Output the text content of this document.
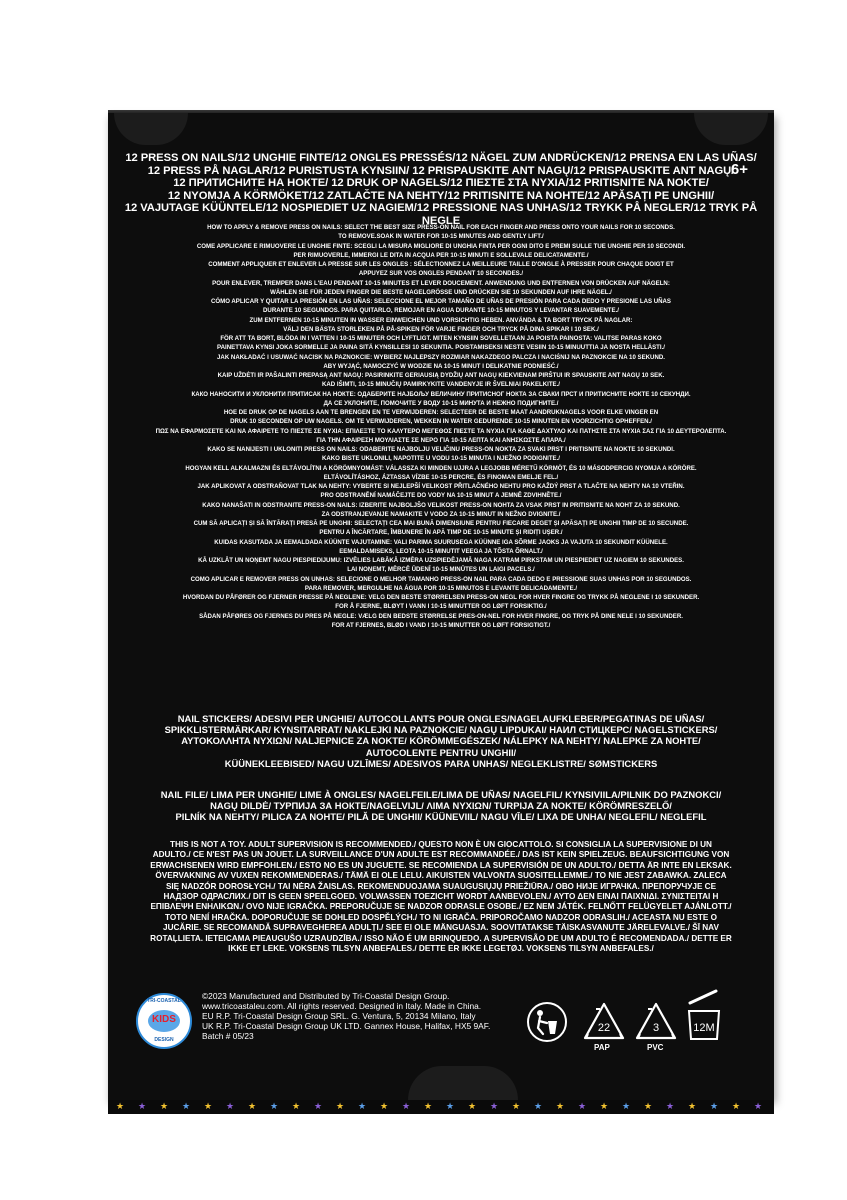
12 PRESS ON NAILS/12 UNGHIE FINTE/12 ONGLES PRESSÉS/12 NÄGEL ZUM ANDRÜCKEN/12 PRENSA EN LAS UÑAS/
12 PRESS PÅ NAGLAR/12 PURISTUSTA KYNSIIN/ 12 PRISPAUSKITE ANT NAGŲ/12 PRISPAUSKITE ANT NAGŲ/
12 ПРИТИСНИТЕ НА НОКТЕ/ 12 DRUK OP NAGELS/12 ΠΙΕΣΤΕ ΣΤΑ ΝΥΧΙΑ/12 PRITISNITE NA NOKTE/
12 NYOMJA A KÖRMÖKET/12 ZATLAČTE NA NEHTY/12 PRITISNITE NA NOHTE/12 APĂSAȚI PE UNGHII/
12 VAJUTAGE KÜÜNTELE/12 NOSPIEDIET UZ NAGIEM/12 PRESSIONE NAS UNHAS/12 TRYKK PÅ NEGLER/12 TRYK PÅ NEGLE
6+

HOW TO APPLY & REMOVE PRESS ON NAILS: SELECT THE BEST SIZE PRESS-ON NAIL FOR EACH FINGER AND PRESS ONTO YOUR NAILS FOR 10 SECONDS.

TO REMOVE.SOAK IN WATER FOR 10-15 MINUTES AND GENTLY LIFT./

COME APPLICARE E RIMUOVERE LE UNGHIE FINTE: SCEGLI LA MISURA MIGLIORE DI UNGHIA FINTA PER OGNI DITO E PREMI SULLE TUE UNGHIE PER 10 SECONDI.

PER RIMUOVERLE, IMMERGI LE DITA IN ACQUA PER 10-15 MINUTI E SOLLEVALE DELICATAMENTE./

COMMENT APPLIQUER ET ENLEVER LA PRESSE SUR LES ONGLES : SÉLECTIONNEZ LA MEILLEURE TAILLE D'ONGLE À PRESSER POUR CHAQUE DOIGT ET

APPUYEZ SUR VOS ONGLES PENDANT 10 SECONDES./

POUR ENLEVER, TREMPER DANS L'EAU PENDANT 10-15 MINUTES ET LEVER DOUCEMENT. ANWENDUNG UND ENTFERNEN VON DRÜCKEN AUF NÄGELN:

WÄHLEN SIE FÜR JEDEN FINGER DIE BESTE NAGELGRÖSSE UND DRÜCKEN SIE 10 SEKUNDEN AUF IHRE NÄGEL./

CÓMO APLICAR Y QUITAR LA PRESIÓN EN LAS UÑAS: SELECCIONE EL MEJOR TAMAÑO DE UÑAS DE PRESIÓN PARA CADA DEDO Y PRESIONE LAS UÑAS

DURANTE 10 SEGUNDOS. PARA QUITARLO, REMOJAR EN AGUA DURANTE 10-15 MINUTOS Y LEVANTAR SUAVEMENTE./

ZUM ENTFERNEN 10-15 MINUTEN IN WASSER EINWEICHEN UND VORSICHTIG HEBEN. ANVÄNDA & TA BORT TRYCK PÅ NAGLAR:

VÄLJ DEN BÄSTA STORLEKEN PÅ PÅ-SPIKEN FÖR VARJE FINGER OCH TRYCK PÅ DINA SPIKAR I 10 SEK./

FÖR ATT TA BORT, BLÖDA IN I VATTEN I 10-15 MINUTER OCH LYFTLIGT. MITEN KYNSIIN SOVELLETAAN JA POISTA PAINOSTA: VALITSE PARAS KOKO

PAINETTAVA KYNSI JOKA SORMELLE JA PAINA SITÄ KYNSILLESI 10 SEKUNTIA. POISTAMISEKSI NESTE VESIIN 10-15 MINUUTTIA JA NOSTA HELLÄSTI./

JAK NAKŁADAĆ I USUWAĆ NACISK NA PAZNOKCIE: WYBIERZ NAJLEPSZY ROZMIAR NAKAZDEGO PALCZA I NACIŚNIJ NA PAZNOKCIE NA 10 SEKUND.

ABY WYJĄĆ, NAMOCZYĆ W WODZIE NA 10-15 MINUT I DELIKATNIE PODNIEŚĆ./

KAIP UŽDĖTI IR PAŠALINTI PREPASĄ ANT NAGŲ: PASIRINKITE GERIAUSIĄ DYDŽIŲ ANT NAGŲ KIEKVIENAM PIRŠTUI IR SPAUSKITE ANT NAGŲ 10 SEK.

KAD IŠIMTI, 10-15 MINUČIŲ PAMIRKYKITE VANDENYJE IR ŠVELNIAI PAKELKITE./

КАКО НАНОСИТИ И УКЛОНИТИ ПРИТИСАК НА НОКТЕ: ОДАБЕРИТЕ НАЈБОЉУ ВЕЛИЧИНУ ПРИТИСНОГ НОКТА ЗА СВАКИ ПРСТ И ПРИТИСНИТЕ НОКТЕ 10 СЕКУНДИ.

ДА СЕ УКЛОНИТЕ, ПОМОЧИТЕ У ВОДУ 10-15 МИНУТА И НЕЖНО ПОДИГНИТЕ./

HOE DE DRUK OP DE NAGELS AAN TE BRENGEN EN TE VERWIJDEREN: SELECTEER DE BESTE MAAT AANDRUKNAGELS VOOR ELKE VINGER EN

DRUK 10 SECONDEN OP UW NAGELS. OM TE VERWIJDEREN, WEKKEN IN WATER GEDURENDE 10-15 MINUTEN EN VOORZICHTIG OPHEFFEN./

ΠΩΣ ΝΑ ΕΦΑΡΜΟΣΕΤΕ ΚΑΙ ΝΑ ΑΦΑΙΡΕΤΕ ΤΟ ΠΙΕΣΤΕ ΣΕ ΝΥΧΙΑ: ΕΠΙΛΕΞΤΕ ΤΟ ΚΑΛΥΤΕΡΟ ΜΕΓΕΘΟΣ ΠΙΕΣΤΕ ΤΑ ΝΥΧΙΑ ΓΙΑ ΚΑΘΕ ΔΑΧΤΥΛΟ ΚΑΙ ΠΑΤΗΣΤΕ ΣΤΑ ΝΥΧΙΑ ΣΑΣ ΓΙΑ 10 ΔΕΥΤΕΡΟΛΕΠΤΑ.

ΓΙΑ ΤΗΝ ΑΦΑΙΡΕΣΗ ΜΟΥΛΙΑΣΤΕ ΣΕ ΝΕΡΟ ΓΙΑ 10-15 ΛΕΠΤΑ ΚΑΙ ΑΝΗΣΚΩΣΤΕ ΑΠΑΡΑ./

KAKO SE NANIJESTI I UKLONITI PRESS ON NAILS: ODABERITE NAJBOLJU VELIČINU PRESS-ON NOKTA ZA SVAKI PRST I PRITISNITE NA NOKTE 10 SEKUNDI.

KAKO BISTE UKLONILI, NAPOTITE U VODU 10-15 MINUTA I NJEŽNO PODIGNITE./

HOGYAN KELL ALKALMAZNI ÉS ELTÁVOLÍTNI A KÖRÖMNYOMÁST: VÁLASSZA KI MINDEN UJJRA A LEGJOBB MÉRETŰ KÖRMÖT, ÉS 10 MÁSODPERCIG NYOMJA A KÖRÖRE.

ELTÁVOLÍTÁSHOZ, ÁZTASSA VÍZBE 10-15 PERCRE, ÉS FINOMAN EMELJE FEL./

JAK APLIKOVAT A ODSTRAŇOVAT TLAK NA NEHTY: VYBERTE SI NEJLEPŠÍ VELIKOST PŘITLAČNÉHO NEHTU PRO KAŽDÝ PRST A TLAČTE NA NEHTY NA 10 VTEŘIN.

PRO ODSTRANĚNÍ NAMÁČEJTE DO VODY NA 10-15 MINUT A JEMNĚ ZDVIHNĚTE./

KAKO NANAŠATI IN ODSTRANITE PRESS-ON NAILS: IZBERITE NAJBOLJŠO VELIKOST PRESS-ON NOHTA ZA VSAK PRST IN PRITISNITE NA NOHT ZA 10 SEKUND.

ZA ODSTRANJEVANJE NAMAKITE V VODO ZA 10-15 MINUT IN NEŽNO DVIGNITE./

CUM SĂ APLICAȚI ȘI SĂ ÎNTĂRAȚI PRESĂ PE UNGHII: SELECTAȚI CEA MAI BUNĂ DIMENSIUNE PENTRU FIECARE DEGET ȘI APĂSAȚI PE UNGHII TIMP DE 10 SECUNDE.

PENTRU A ÎNCĂRTARE, ÎMBUNERE ÎN APĂ TIMP DE 10-15 MINUTE ȘI RIDIȚI UȘER./

KUIDAS KASUTADA JA EEMALDADA KÜÜNTE VAJUTAMINE: VALI PARIMA SUURUSEGA KÜÜNNE IGA SÕRME JAOKS JA VAJUTA 10 SEKUNDIT KÜÜNELE.

EEMALDAMISEKS, LEOTA 10-15 MINUTIT VEEGA JA TÕSTA ÕRNALT./

KĀ UZKLĀT UN NOŅEMT NAGU PIESPIEDIJUMU: IZVĒLIES LABĀKĀ IZMĒRA UZSPIEDĒJAMĀ NAGA KATRAM PIRKSTAM UN PIESPIEDIET UZ NAGIEM 10 SEKUNDES.

LAI NOŅEMT, MĒRCĒ ŪDENĪ 10-15 MINŪTES UN LAIGI PACELS./

COMO APLICAR E REMOVER PRESS ON UNHAS: SELECIONE O MELHOR TAMANHO PRESS-ON NAIL PARA CADA DEDO E PRESSIONE SUAS UNHAS POR 10 SEGUNDOS.

PARA REMOVER, MERGULHE NA ÁGUA POR 10-15 MINUTOS E LEVANTE DELICADAMENTE./

HVORDAN DU PÅFØRER OG FJERNER PRESSE PÅ NEGLENE: VELG DEN BESTE STØRRELSEN PRESS-ON NEGL FOR HVER FINGRE OG TRYKK PÅ NEGLENE I 10 SEKUNDER.

FOR Å FJERNE, BLØYT I VANN I 10-15 MINUTTER OG LØFT FORSIKTIG./

SÅDAN PÅFØRES OG FJERNES DU PRES PÅ NEGLE: VÆLG DEN BEDSTE STØRRELSE PRES-ON-NEL FOR HVER FINGRE, OG TRYK PÅ DINE NELE I 10 SEKUNDER.

FOR AT FJERNES, BLØD I VAND I 10-15 MINUTTER OG LØFT FORSIGTIGT./

NAIL STICKERS/ ADESIVI PER UNGHIE/ AUTOCOLLANTS POUR ONGLES/NAGELAUFKLEBER/PEGATINAS DE UÑAS/
SPIKKLISTERMÄRKAR/ KYNSITARRAT/ NAKLEJKI NA PAZNOKCIE/ NAGŲ LIPDUKAI/ НАИЛ СТИЦКЕРС/ NAGELSTICKERS/
ΑΥΤΟΚΟΛΛΗΤΑ ΝΥΧΙΩΝ/ NALJEPNICE ZA NOKTE/ KÖRÖMMEGÉSZEK/ NÁLEPKY NA NEHTY/ NALEPKE ZA NOHTE/
AUTOCOLENTE PENTRU UNGHII/
KÜÜNEKLEEBISED/ NAGU UZLĪMES/ ADESIVOS PARA UNHAS/ NEGLEKLISTRE/ SØMSTICKERS
NAIL FILE/ LIMA PER UNGHIE/ LIME À ONGLES/ NAGELFEILE/LIMA DE UÑAS/ NAGELFIL/ KYNSIVIILA/PILNIK DO PAZNOKCI/
NAGŲ DILDĖ/ ТУРПИЈА ЗА НОКТЕ/NAGELVIJL/ ΛΙΜΑ ΝΥΧΙΩΝ/ TURPIJA ZA NOKTE/ KÖRÖMRESZELŐ/
PILNÍK NA NEHTY/ PILICA ZA NOHTE/ PILĂ DE UNGHII/ KÜÜNEVIIL/ NAGU VĪLE/ LIXA DE UNHA/ NEGLEFIL/ NEGLEFIL
THIS IS NOT A TOY. ADULT SUPERVISION IS RECOMMENDED./ QUESTO NON È UN GIOCATTOLO. SI CONSIGLIA LA SUPERVISIONE DI UN
ADULTO./ CE N'EST PAS UN JOUET. LA SURVEILLANCE D'UN ADULTE EST RECOMMANDÉE./ DAS IST KEIN SPIELZEUG. BEAUFSICHTIGUNG VON
ERWACHSENEN WIRD EMPFOHLEN./ ESTO NO ES UN JUGUETE. SE RECOMIENDA LA SUPERVISIÓN DE UN ADULTO./ DETTA ÄR INTE EN LEKSAK.
ÖVERVAKNING AV VUXEN REKOMMENDERAS./ TÄMÄ EI OLE LELU. AIKUISTEN VALVONTA SUOSITELLEMME./ TO NIE JEST ZABAWKA. ZALECA
SIĘ NADZÓR DOROSŁYCH./ TAI NĖRA ŽAISLAS. REKOMENDUOJAMA SUAUGUSIŲJŲ PRIEŽIŪRA./ ОВО НИЈЕ ИГРАЧКА. ПРЕПОРУЧУЈЕ СЕ
НАДЗОР ОДРАСЛИХ./ DIT IS GEEN SPEELGOED. VOLWASSEN TOEZICHT WORDT AANBEVOLEN./ ΑΥΤΟ ΔΕΝ ΕΙΝΑΙ ΠΑΙΧΝΙΔΙ. ΣΥΝΙΣΤΕΙΤΑΙ Η
ΕΠΙΒΛΕΨΗ ΕΝΗΛΙΚΩΝ./ OVO NIJE IGRAČKA. PREPORUČUJE SE NADZOR ODRASLE OSOBE./ EZ NEM JÁTÉK. FELNŐTT FELÜGYELET AJÁNLOTT./
TOTO NENÍ HRAČKA. DOPORUČUJE SE DOHLED DOSPĚLÝCH./ TO NI IGRAČA. PRIPOROČAMO NADZOR ODRASLIH./ ACEASTA NU ESTE O
JUCĂRIE. SE RECOMANDĂ SUPRAVEGHEREA ADULȚI./ SEE EI OLE MÄNGUASJA. SOOVITATAKSE TÄISKASVANUTE JÄRELEVALVE./ ŠĪ NAV
ROTAĻLIETA. IETEICAMA PIEAUGUŠO UZRAUDZĪBA./ ISSO NÃO É UM BRINQUEDO. A SUPERVISÃO DE UM ADULTO É RECOMENDADA./ DETTE ER
IKKE ET LEKE. VOKSENS TILSYN ANBEFALES./ DETTE ER IKKE LEGETØJ. VOKSENS TILSYN ANBEFALES./
TRI-COASTAL
KIDS
DESIGN
©2023 Manufactured and Distributed by Tri-Coastal Design Group.
www.tricoastaleu.com. All rights reserved. Designed in Italy. Made in China.
EU R.P. Tri-Coastal Design Group SRL. G. Ventura, 5, 20134 Milano, Italy
UK R.P. Tri-Coastal Design Group UK LTD. Gannex House, Halifax, HX5 9AF.
Batch # 05/23
22
PAP
3
PVC
12M
★ ★ ★ ★ ★ ★ ★ ★ ★ ★ ★ ★ ★ ★ ★ ★ ★ ★ ★ ★ ★ ★ ★ ★ ★ ★ ★ ★ ★ ★
